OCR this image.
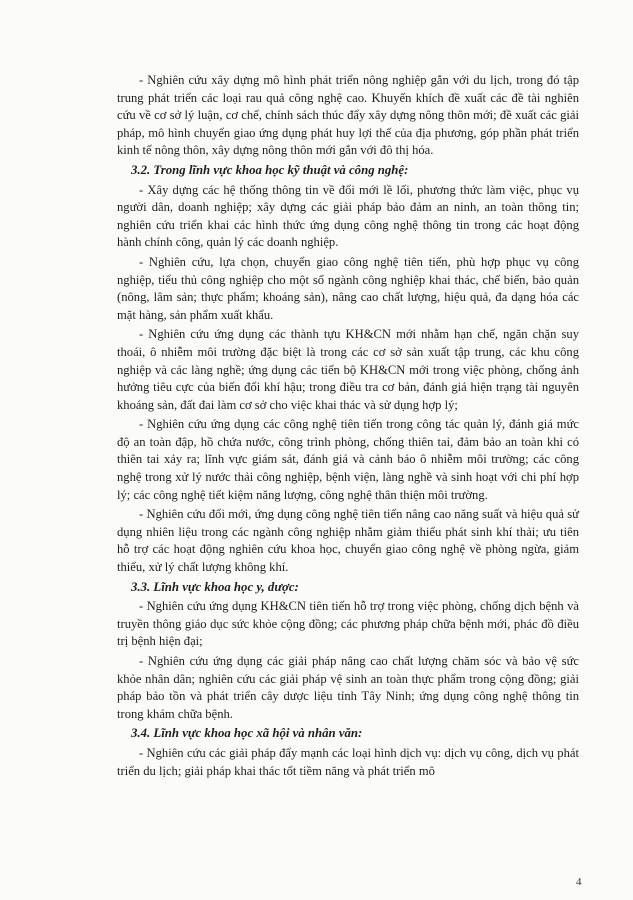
- Nghiên cứu xây dựng mô hình phát triển nông nghiệp gắn với du lịch, trong đó tập trung phát triển các loại rau quả công nghệ cao. Khuyến khích đề xuất các đề tài nghiên cứu về cơ sở lý luận, cơ chế, chính sách thúc đẩy xây dựng nông thôn mới; đề xuất các giải pháp, mô hình chuyển giao ứng dụng phát huy lợi thế của địa phương, góp phần phát triển kinh tế nông thôn, xây dựng nông thôn mới gắn với đô thị hóa.

3.2. Trong lĩnh vực khoa học kỹ thuật và công nghệ:

- Xây dựng các hệ thống thông tin về đổi mới lề lối, phương thức làm việc, phục vụ người dân, doanh nghiệp; xây dựng các giải pháp bảo đảm an ninh, an toàn thông tin; nghiên cứu triển khai các hình thức ứng dụng công nghệ thông tin trong các hoạt động hành chính công, quản lý các doanh nghiệp.

- Nghiên cứu, lựa chọn, chuyển giao công nghệ tiên tiến, phù hợp phục vụ công nghiệp, tiểu thủ công nghiệp cho một số ngành công nghiệp khai thác, chế biến, bảo quản (nông, lâm sản; thực phẩm; khoáng sản), nâng cao chất lượng, hiệu quả, đa dạng hóa các mặt hàng, sản phẩm xuất khẩu.

- Nghiên cứu ứng dụng các thành tựu KH&CN mới nhằm hạn chế, ngăn chặn suy thoái, ô nhiễm môi trường đặc biệt là trong các cơ sở sản xuất tập trung, các khu công nghiệp và các làng nghề; ứng dụng các tiến bộ KH&CN mới trong việc phòng, chống ảnh hưởng tiêu cực của biến đổi khí hậu; trong điều tra cơ bản, đánh giá hiện trạng tài nguyên khoáng sản, đất đai làm cơ sở cho việc khai thác và sử dụng hợp lý;

- Nghiên cứu ứng dụng các công nghệ tiên tiến trong công tác quản lý, đánh giá mức độ an toàn đập, hồ chứa nước, công trình phòng, chống thiên tai, đảm bảo an toàn khi có thiên tai xảy ra; lĩnh vực giám sát, đánh giá và cảnh báo ô nhiễm môi trường; các công nghệ trong xử lý nước thải công nghiệp, bệnh viện, làng nghề và sinh hoạt với chi phí hợp lý; các công nghệ tiết kiệm năng lượng, công nghệ thân thiện môi trường.

- Nghiên cứu đổi mới, ứng dụng công nghệ tiên tiến nâng cao năng suất và hiệu quả sử dụng nhiên liệu trong các ngành công nghiệp nhằm giảm thiểu phát sinh khí thải; ưu tiên hỗ trợ các hoạt động nghiên cứu khoa học, chuyển giao công nghệ về phòng ngừa, giảm thiểu, xử lý chất lượng không khí.

3.3. Lĩnh vực khoa học y, dược:

- Nghiên cứu ứng dụng KH&CN tiên tiến hỗ trợ trong việc phòng, chống dịch bệnh và truyền thông giáo dục sức khỏe cộng đồng; các phương pháp chữa bệnh mới, phác đồ điều trị bệnh hiện đại;

- Nghiên cứu ứng dụng các giải pháp nâng cao chất lượng chăm sóc và bảo vệ sức khỏe nhân dân; nghiên cứu các giải pháp vệ sinh an toàn thực phẩm trong cộng đồng; giải pháp bảo tồn và phát triển cây dược liệu tỉnh Tây Ninh; ứng dụng công nghệ thông tin trong khám chữa bệnh.

3.4. Lĩnh vực khoa học xã hội và nhân văn:

- Nghiên cứu các giải pháp đẩy mạnh các loại hình dịch vụ: dịch vụ công, dịch vụ phát triển du lịch; giải pháp khai thác tốt tiềm năng và phát triển mô

4
